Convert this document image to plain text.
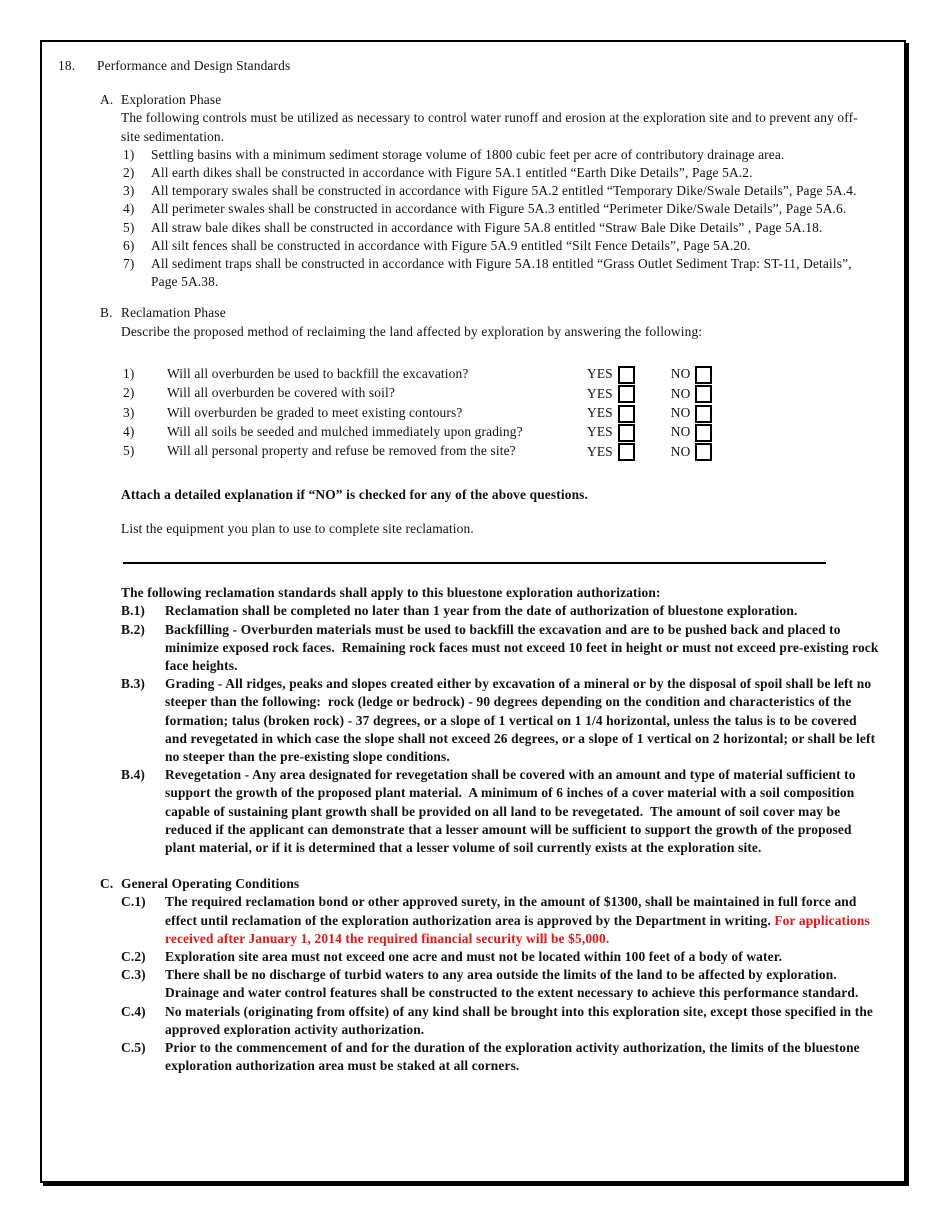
18.	Performance and Design Standards
A. Exploration Phase
The following controls must be utilized as necessary to control water runoff and erosion at the exploration site and to prevent any off-site sedimentation.
1)	Settling basins with a minimum sediment storage volume of 1800 cubic feet per acre of contributory drainage area.
2)	All earth dikes shall be constructed in accordance with Figure 5A.1 entitled “Earth Dike Details”, Page 5A.2.
3)	All temporary swales shall be constructed in accordance with Figure 5A.2 entitled “Temporary Dike/Swale Details”, Page 5A.4.
4)	All perimeter swales shall be constructed in accordance with Figure 5A.3 entitled “Perimeter Dike/Swale Details”, Page 5A.6.
5)	All straw bale dikes shall be constructed in accordance with Figure 5A.8 entitled “Straw Bale Dike Details” , Page 5A.18.
6)	All silt fences shall be constructed in accordance with Figure 5A.9 entitled “Silt Fence Details”, Page 5A.20.
7)	All sediment traps shall be constructed in accordance with Figure 5A.18 entitled “Grass Outlet Sediment Trap: ST-11, Details”, Page 5A.38.
B. Reclamation Phase
Describe the proposed method of reclaiming the land affected by exploration by answering the following:
1)	Will all overburden be used to backfill the excavation?	YES	NO
2)	Will all overburden be covered with soil?	YES	NO
3)	Will overburden be graded to meet existing contours?	YES	NO
4)	Will all soils be seeded and mulched immediately upon grading?	YES	NO
5)	Will all personal property and refuse be removed from the site?	YES	NO
Attach a detailed explanation if “NO” is checked for any of the above questions.
List the equipment you plan to use to complete site reclamation.
The following reclamation standards shall apply to this bluestone exploration authorization:
B.1)	Reclamation shall be completed no later than 1 year from the date of authorization of bluestone exploration.
B.2)	Backfilling - Overburden materials must be used to backfill the excavation and are to be pushed back and placed to minimize exposed rock faces.  Remaining rock faces must not exceed 10 feet in height or must not exceed pre-existing rock face heights.
B.3)	Grading - All ridges, peaks and slopes created either by excavation of a mineral or by the disposal of spoil shall be left no steeper than the following:  rock (ledge or bedrock) - 90 degrees depending on the condition and characteristics of the formation; talus (broken rock) - 37 degrees, or a slope of 1 vertical on 1 1/4 horizontal, unless the talus is to be covered and revegetated in which case the slope shall not exceed 26 degrees, or a slope of 1 vertical on 2 horizontal; or shall be left no steeper than the pre-existing slope conditions.
B.4)	Revegetation - Any area designated for revegetation shall be covered with an amount and type of material sufficient to support the growth of the proposed plant material.  A minimum of 6 inches of a cover material with a soil composition capable of sustaining plant growth shall be provided on all land to be revegetated.  The amount of soil cover may be reduced if the applicant can demonstrate that a lesser amount will be sufficient to support the growth of the proposed plant material, or if it is determined that a lesser volume of soil currently exists at the exploration site.
C. General Operating Conditions
C.1)	The required reclamation bond or other approved surety, in the amount of $1300, shall be maintained in full force and effect until reclamation of the exploration authorization area is approved by the Department in writing. For applications received after January 1, 2014 the required financial security will be $5,000.
C.2)	Exploration site area must not exceed one acre and must not be located within 100 feet of a body of water.
C.3)	There shall be no discharge of turbid waters to any area outside the limits of the land to be affected by exploration.  Drainage and water control features shall be constructed to the extent necessary to achieve this performance standard.
C.4)	No materials (originating from offsite) of any kind shall be brought into this exploration site, except those specified in the approved exploration activity authorization.
C.5)	Prior to the commencement of and for the duration of the exploration activity authorization, the limits of the bluestone exploration authorization area must be staked at all corners.
